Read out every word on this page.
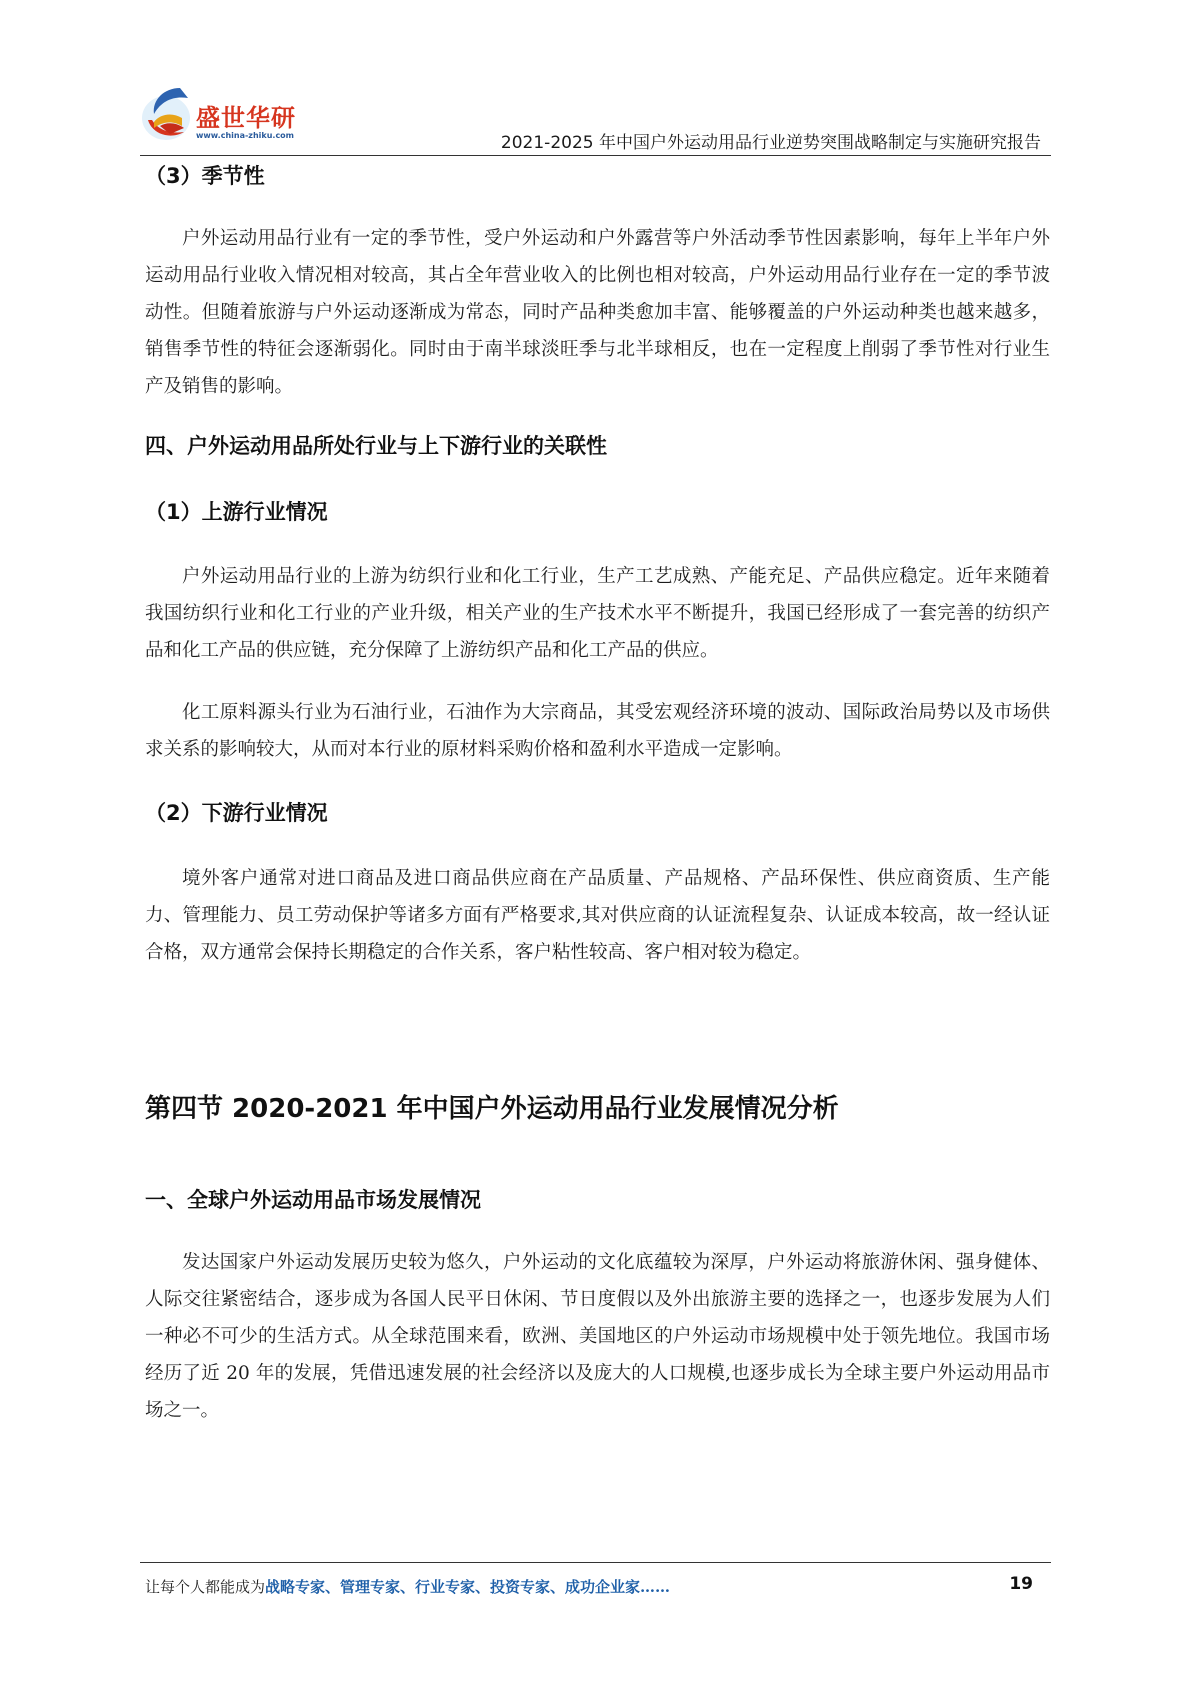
盛世华研
www.china-zhiku.com	2021-2025 年中国户外运动用品行业逆势突围战略制定与实施研究报告
（3）季节性

户外运动用品行业有一定的季节性，受户外运动和户外露营等户外活动季节性因素影响，每年上半年户外运动用品行业收入情况相对较高，其占全年营业收入的比例也相对较高，户外运动用品行业存在一定的季节波动性。但随着旅游与户外运动逐渐成为常态，同时产品种类愈加丰富、能够覆盖的户外运动种类也越来越多，销售季节性的特征会逐渐弱化。同时由于南半球淡旺季与北半球相反，也在一定程度上削弱了季节性对行业生产及销售的影响。

四、户外运动用品所处行业与上下游行业的关联性
（1）上游行业情况

户外运动用品行业的上游为纺织行业和化工行业，生产工艺成熟、产能充足、产品供应稳定。近年来随着我国纺织行业和化工行业的产业升级，相关产业的生产技术水平不断提升，我国已经形成了一套完善的纺织产品和化工产品的供应链，充分保障了上游纺织产品和化工产品的供应。

化工原料源头行业为石油行业，石油作为大宗商品，其受宏观经济环境的波动、国际政治局势以及市场供求关系的影响较大，从而对本行业的原材料采购价格和盈利水平造成一定影响。

（2）下游行业情况

境外客户通常对进口商品及进口商品供应商在产品质量、产品规格、产品环保性、供应商资质、生产能力、管理能力、员工劳动保护等诸多方面有严格要求,其对供应商的认证流程复杂、认证成本较高，故一经认证合格，双方通常会保持长期稳定的合作关系，客户粘性较高、客户相对较为稳定。

第四节 2020-2021 年中国户外运动用品行业发展情况分析
一、全球户外运动用品市场发展情况

发达国家户外运动发展历史较为悠久，户外运动的文化底蕴较为深厚，户外运动将旅游休闲、强身健体、人际交往紧密结合，逐步成为各国人民平日休闲、节日度假以及外出旅游主要的选择之一，也逐步发展为人们一种必不可少的生活方式。从全球范围来看，欧洲、美国地区的户外运动市场规模中处于领先地位。我国市场经历了近 20 年的发展，凭借迅速发展的社会经济以及庞大的人口规模,也逐步成长为全球主要户外运动用品市场之一。

让每个人都能成为战略专家、管理专家、行业专家、投资专家、成功企业家……	19
